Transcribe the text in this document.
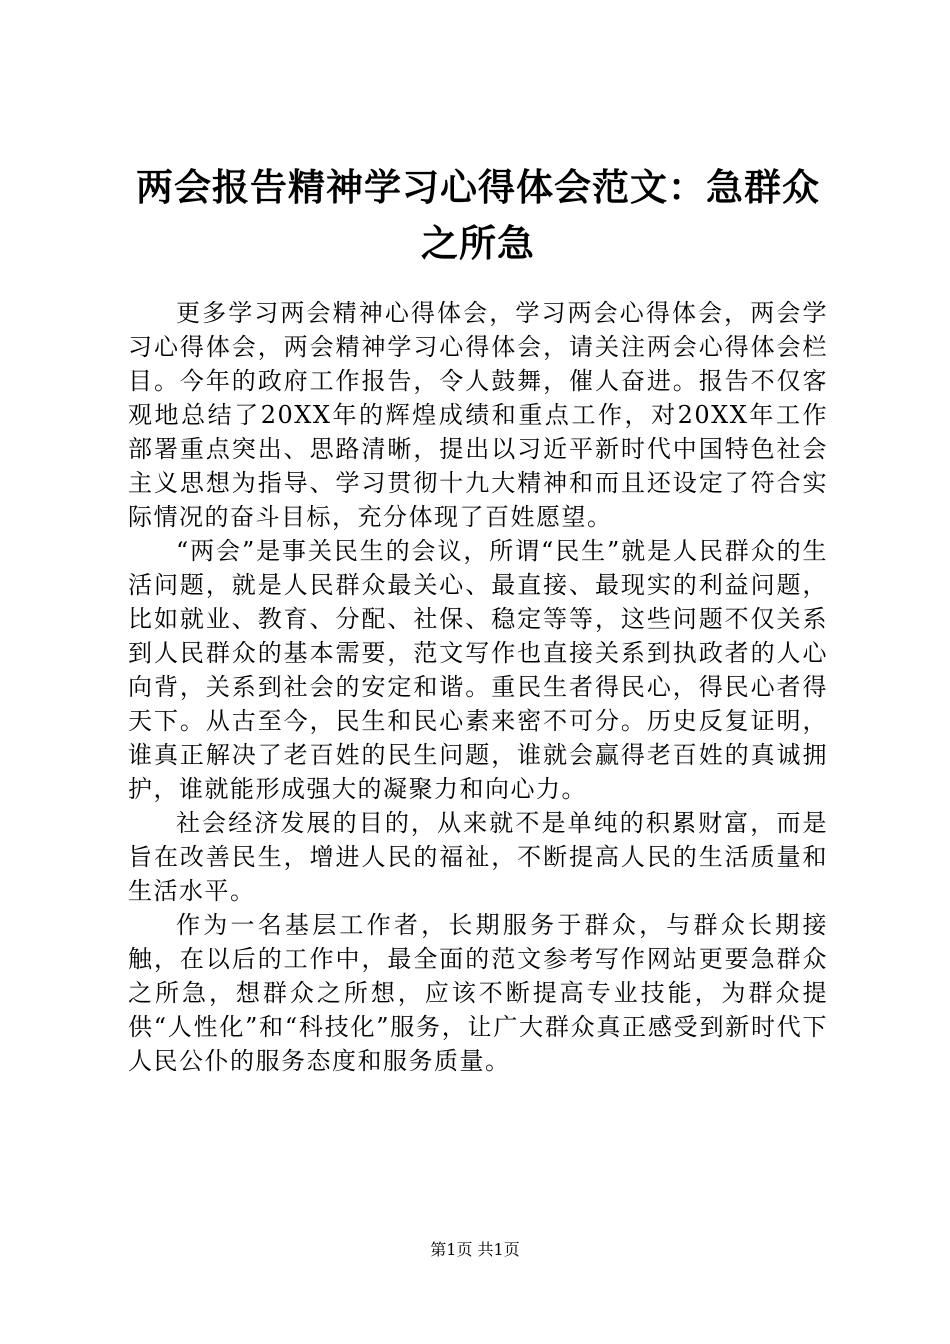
两会报告精神学习心得体会范文：急群众之所急

更多学习两会精神心得体会，学习两会心得体会，两会学习心得体会，两会精神学习心得体会，请关注两会心得体会栏目。今年的政府工作报告，令人鼓舞，催人奋进。报告不仅客观地总结了20XX年的辉煌成绩和重点工作，对20XX年工作部署重点突出、思路清晰，提出以习近平新时代中国特色社会主义思想为指导、学习贯彻十九大精神和而且还设定了符合实际情况的奋斗目标，充分体现了百姓愿望。

“两会”是事关民生的会议，所谓“民生”就是人民群众的生活问题，就是人民群众最关心、最直接、最现实的利益问题，比如就业、教育、分配、社保、稳定等等，这些问题不仅关系到人民群众的基本需要，范文写作也直接关系到执政者的人心向背，关系到社会的安定和谐。重民生者得民心，得民心者得天下。从古至今，民生和民心素来密不可分。历史反复证明，谁真正解决了老百姓的民生问题，谁就会赢得老百姓的真诚拥护，谁就能形成强大的凝聚力和向心力。

社会经济发展的目的，从来就不是单纯的积累财富，而是旨在改善民生，增进人民的福祉，不断提高人民的生活质量和生活水平。

作为一名基层工作者，长期服务于群众，与群众长期接触，在以后的工作中，最全面的范文参考写作网站更要急群众之所急，想群众之所想，应该不断提高专业技能，为群众提供“人性化”和“科技化”服务，让广大群众真正感受到新时代下人民公仆的服务态度和服务质量。

第1页 共1页
